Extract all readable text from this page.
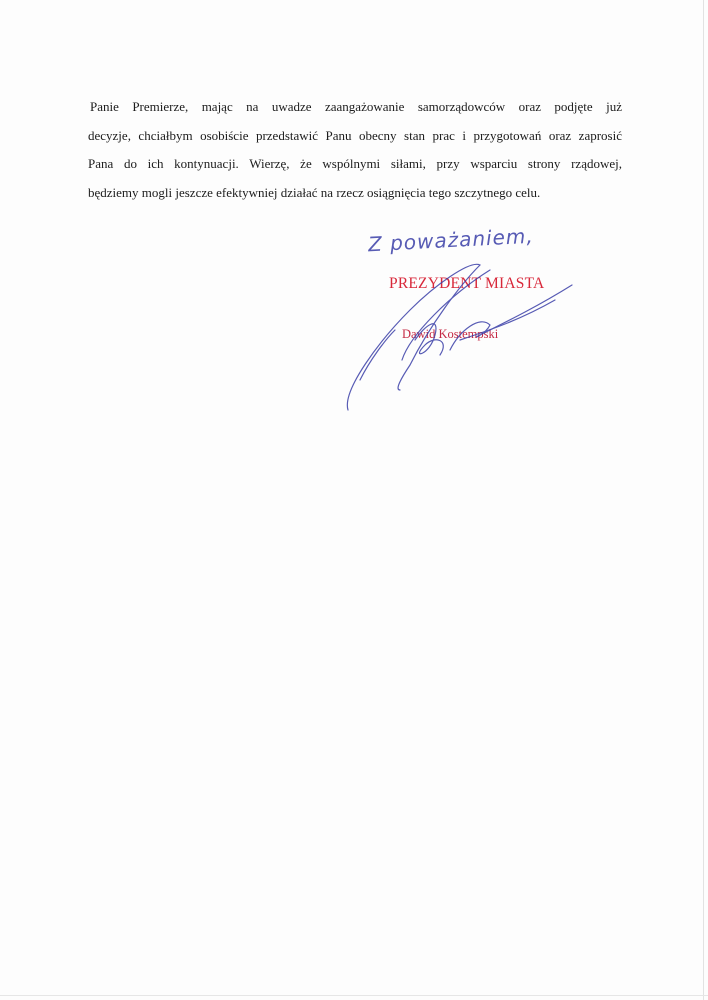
Panie Premierze, mając na uwadze zaangażowanie samorządowców oraz podjęte już
decyzje, chciałbym osobiście przedstawić Panu obecny stan prac i przygotowań oraz zaprosić
Pana do ich kontynuacji. Wierzę, że wspólnymi siłami, przy wsparciu strony rządowej,
będziemy mogli jeszcze efektywniej działać na rzecz osiągnięcia tego szczytnego celu.
Z poważaniem,
PREZYDENT MIASTA
Dawid Kostempski
